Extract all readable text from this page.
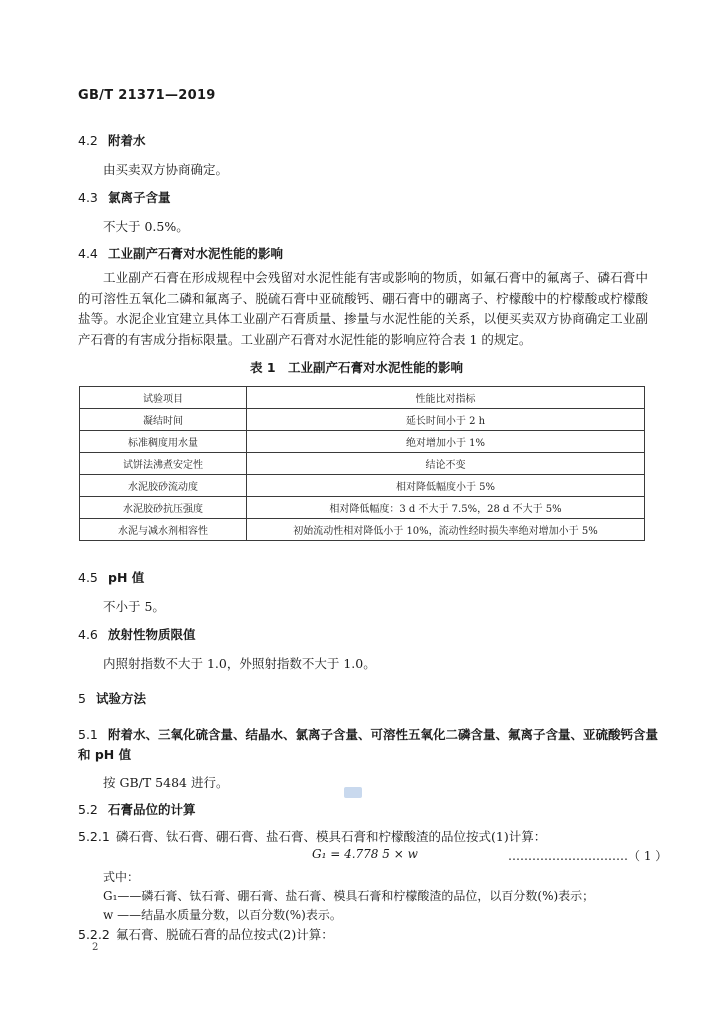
GB/T 21371—2019
4.2 附着水
由买卖双方协商确定。
4.3 氯离子含量
不大于 0.5%。
4.4 工业副产石膏对水泥性能的影响
工业副产石膏在形成规程中会残留对水泥性能有害或影响的物质，如氟石膏中的氟离子、磷石膏中的可溶性五氧化二磷和氟离子、脱硫石膏中亚硫酸钙、硼石膏中的硼离子、柠檬酸中的柠檬酸或柠檬酸盐等。水泥企业宜建立具体工业副产石膏质量、掺量与水泥性能的关系，以便买卖双方协商确定工业副产石膏的有害成分指标限量。工业副产石膏对水泥性能的影响应符合表 1 的规定。
表 1　工业副产石膏对水泥性能的影响
试验项目	性能比对指标
凝结时间	延长时间小于 2 h
标准稠度用水量	绝对增加小于 1%
试饼法沸煮安定性	结论不变
水泥胶砂流动度	相对降低幅度小于 5%
水泥胶砂抗压强度	相对降低幅度：3 d 不大于 7.5%，28 d 不大于 5%
水泥与减水剂相容性	初始流动性相对降低小于 10%，流动性经时损失率绝对增加小于 5%
4.5 pH 值
不小于 5。
4.6 放射性物质限值
内照射指数不大于 1.0，外照射指数不大于 1.0。
5 试验方法
5.1 附着水、三氧化硫含量、结晶水、氯离子含量、可溶性五氧化二磷含量、氟离子含量、亚硫酸钙含量
和 pH 值
按 GB/T 5484 进行。
5.2 石膏品位的计算
5.2.1 磷石膏、钛石膏、硼石膏、盐石膏、模具石膏和柠檬酸渣的品位按式(1)计算：
G₁ = 4.778 5 × w	…………………………（ 1 ）
式中：
G₁——磷石膏、钛石膏、硼石膏、盐石膏、模具石膏和柠檬酸渣的品位，以百分数(%)表示；
w ——结晶水质量分数，以百分数(%)表示。
5.2.2 氟石膏、脱硫石膏的品位按式(2)计算：
2
